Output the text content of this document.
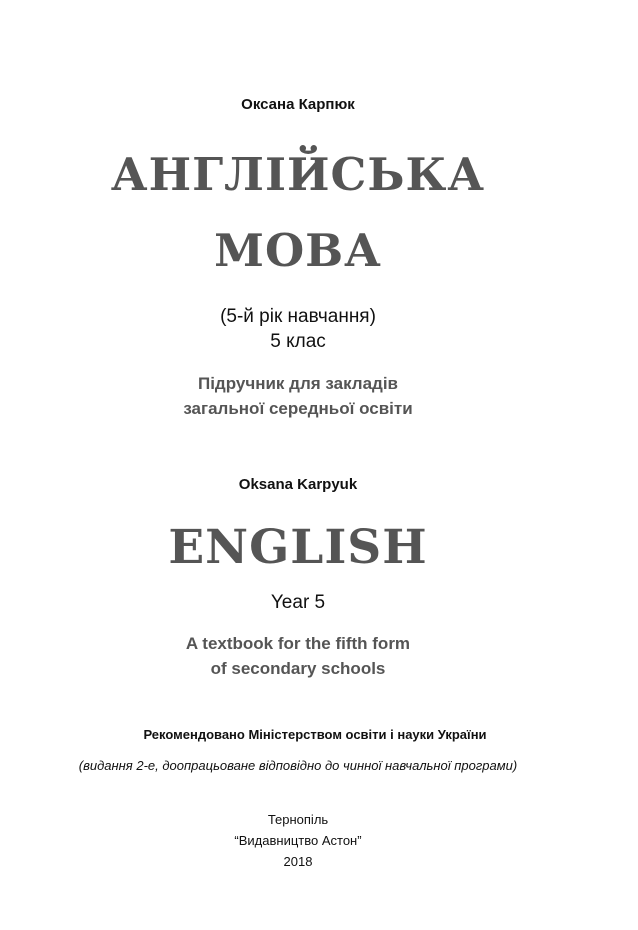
Оксана Карпюк
АНГЛІЙСЬКА
МОВА
(5-й рік навчання)
5 клас
Підручник для закладів
загальної середньої освіти
Oksana Karpyuk
ENGLISH
Year 5
A textbook for the fifth form
of secondary schools
Рекомендовано Міністерством освіти і науки України
(видання 2-е, доопрацьоване відповідно до чинної навчальної програми)
Тернопіль
“Видавництво Астон”
2018
